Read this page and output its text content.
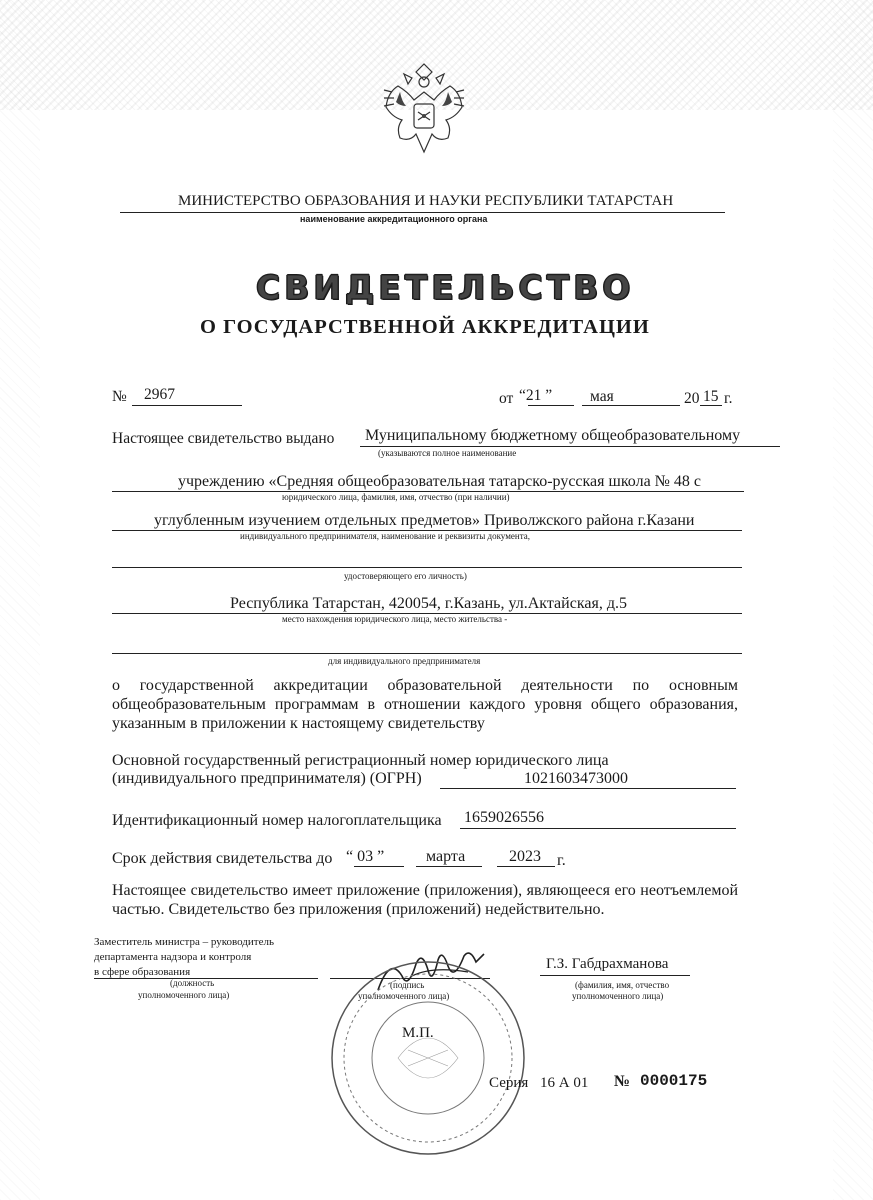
МИНИСТЕРСТВО ОБРАЗОВАНИЯ И НАУКИ РЕСПУБЛИКИ ТАТАРСТАН
наименование аккредитационного органа
СВИДЕТЕЛЬСТВО
О ГОСУДАРСТВЕННОЙ АККРЕДИТАЦИИ
№ 2967	от “21 ” мая	20 15 г.
Настоящее свидетельство выдано Муниципальному бюджетному общеобразовательному
(указываются полное наименование
учреждению «Средняя общеобразовательная татарско-русская школа № 48 с
юридического лица, фамилия, имя, отчество (при наличии)
углубленным изучением отдельных предметов» Приволжского района г.Казани
индивидуального предпринимателя, наименование и реквизиты документа,
удостоверяющего его личность)
Республика Татарстан, 420054, г.Казань, ул.Актайская, д.5
место нахождения юридического лица, место жительства -
для индивидуального предпринимателя
о государственной аккредитации образовательной деятельности по основным общеобразовательным программам в отношении каждого уровня общего образования, указанным в приложении к настоящему свидетельству
Основной государственный регистрационный номер юридического лица
(индивидуального предпринимателя) (ОГРН)	1021603473000
Идентификационный номер налогоплательщика 1659026556
Срок действия свидетельства до “ 03 ”	марта	2023 г.
Настоящее свидетельство имеет приложение (приложения), являющееся его неотъемлемой частью. Свидетельство без приложения (приложений) недействительно.
Заместитель министра – руководитель
департамента надзора и контроля
в сфере образования
(должность
уполномоченного лица)
(подпись
уполномоченного лица)
Г.З. Габдрахманова
(фамилия, имя, отчество
уполномоченного лица)
М.П.
Серия 16 А 01 № 0000175
